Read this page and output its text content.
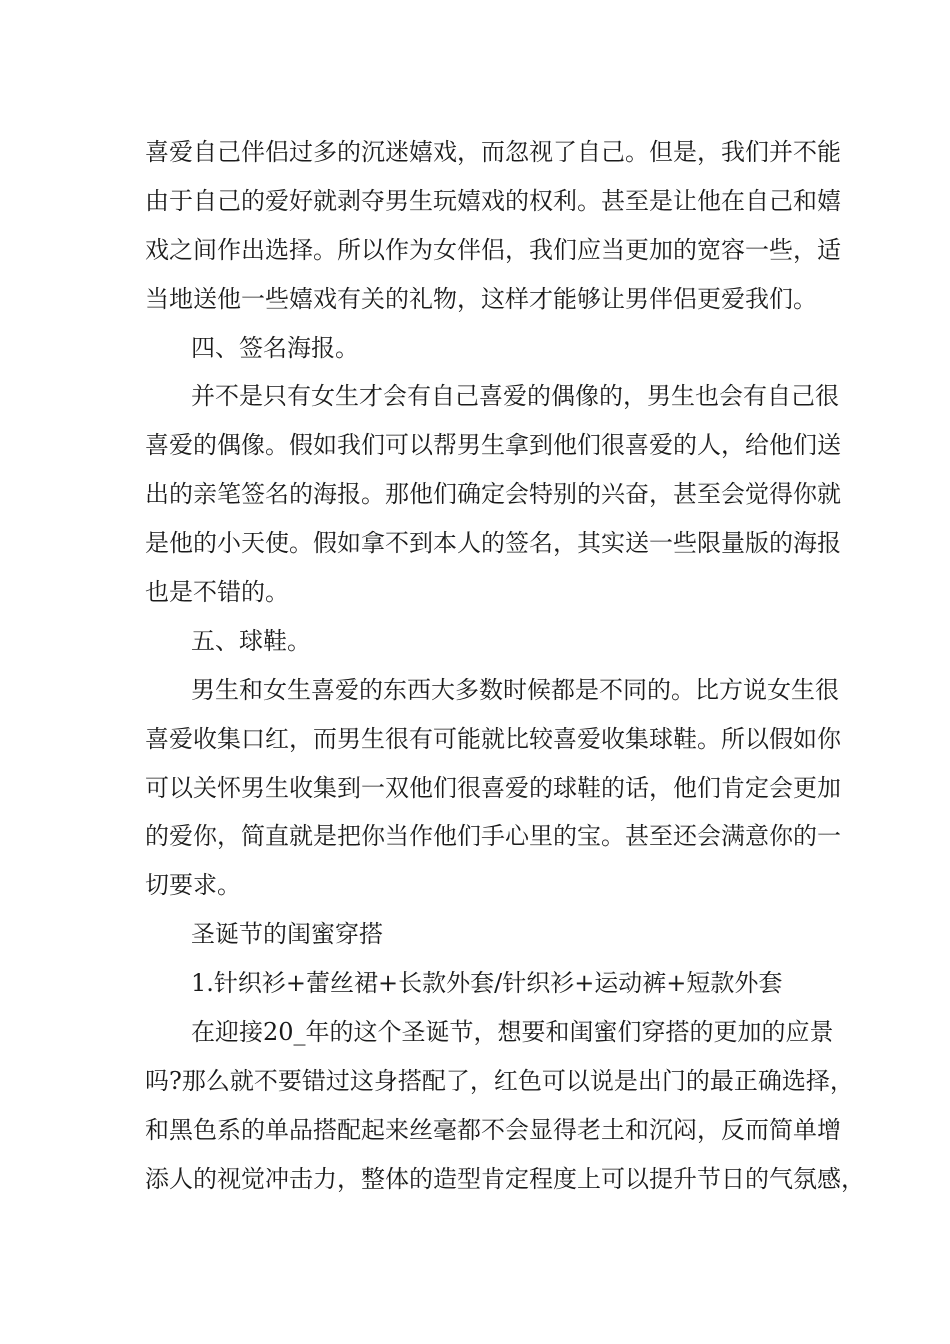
喜爱自己伴侣过多的沉迷嬉戏，而忽视了自己。但是，我们并不能
由于自己的爱好就剥夺男生玩嬉戏的权利。甚至是让他在自己和嬉
戏之间作出选择。所以作为女伴侣，我们应当更加的宽容一些，适
当地送他一些嬉戏有关的礼物，这样才能够让男伴侣更爱我们。
四、签名海报。
并不是只有女生才会有自己喜爱的偶像的，男生也会有自己很
喜爱的偶像。假如我们可以帮男生拿到他们很喜爱的人，给他们送
出的亲笔签名的海报。那他们确定会特别的兴奋，甚至会觉得你就
是他的小天使。假如拿不到本人的签名，其实送一些限量版的海报
也是不错的。
五、球鞋。
男生和女生喜爱的东西大多数时候都是不同的。比方说女生很
喜爱收集口红，而男生很有可能就比较喜爱收集球鞋。所以假如你
可以关怀男生收集到一双他们很喜爱的球鞋的话，他们肯定会更加
的爱你，简直就是把你当作他们手心里的宝。甚至还会满意你的一
切要求。
圣诞节的闺蜜穿搭
1.针织衫+蕾丝裙+长款外套/针织衫+运动裤+短款外套
在迎接20_年的这个圣诞节，想要和闺蜜们穿搭的更加的应景
吗?那么就不要错过这身搭配了，红色可以说是出门的最正确选择，
和黑色系的单品搭配起来丝毫都不会显得老土和沉闷，反而简单增
添人的视觉冲击力，整体的造型肯定程度上可以提升节日的气氛感，
